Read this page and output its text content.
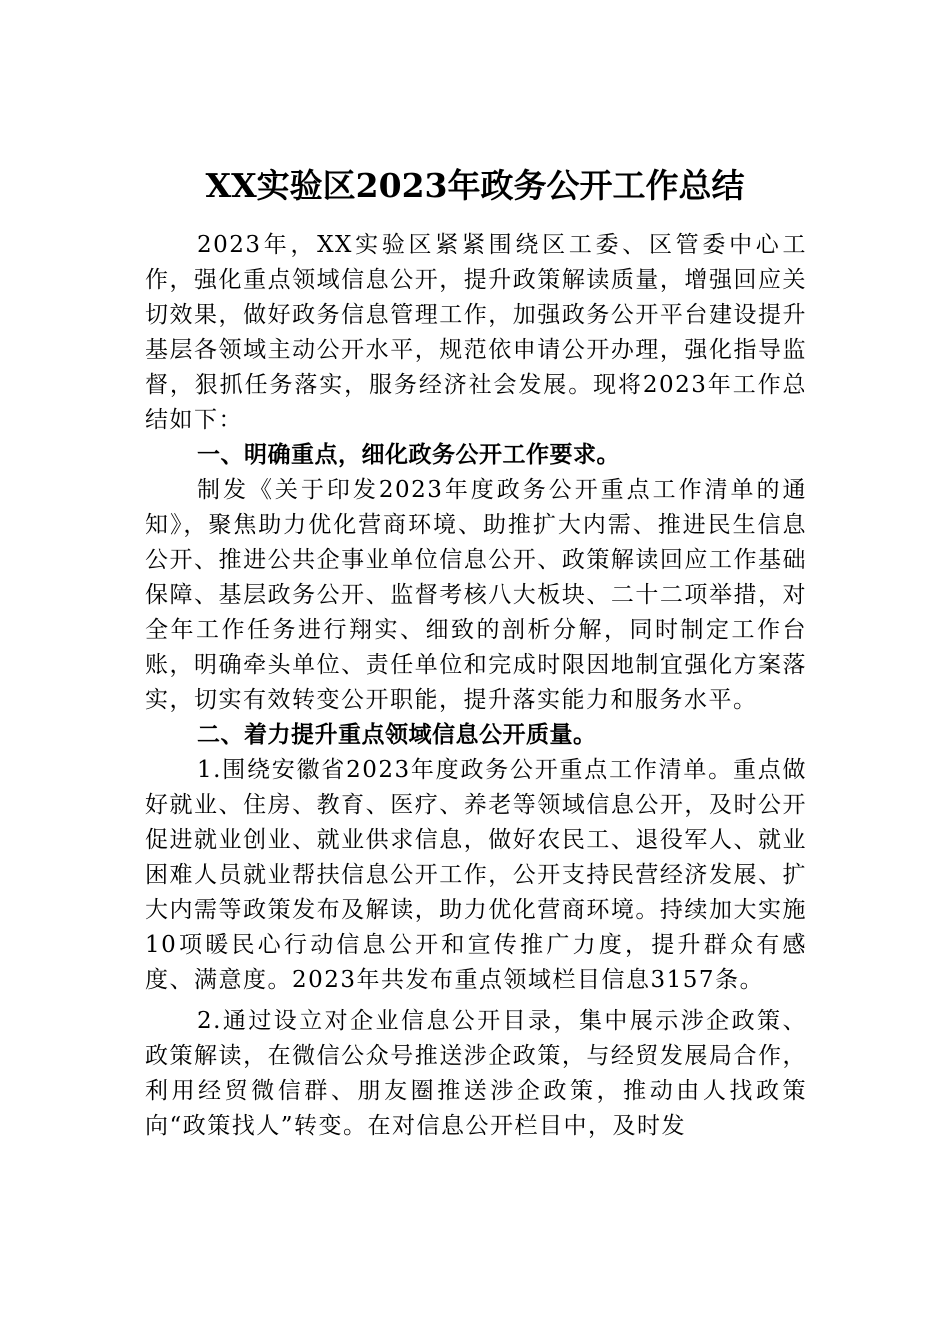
XX实验区2023年政务公开工作总结

2023年，XX实验区紧紧围绕区工委、区管委中心工作，强化重点领域信息公开，提升政策解读质量，增强回应关切效果，做好政务信息管理工作，加强政务公开平台建设提升基层各领域主动公开水平，规范依申请公开办理，强化指导监督，狠抓任务落实，服务经济社会发展。现将2023年工作总结如下：

一、明确重点，细化政务公开工作要求。

制发《关于印发2023年度政务公开重点工作清单的通知》，聚焦助力优化营商环境、助推扩大内需、推进民生信息公开、推进公共企事业单位信息公开、政策解读回应工作基础保障、基层政务公开、监督考核八大板块、二十二项举措，对全年工作任务进行翔实、细致的剖析分解，同时制定工作台账，明确牵头单位、责任单位和完成时限因地制宜强化方案落实，切实有效转变公开职能，提升落实能力和服务水平。

二、着力提升重点领域信息公开质量。

1.围绕安徽省2023年度政务公开重点工作清单。重点做好就业、住房、教育、医疗、养老等领域信息公开，及时公开促进就业创业、就业供求信息，做好农民工、退役军人、就业困难人员就业帮扶信息公开工作，公开支持民营经济发展、扩大内需等政策发布及解读，助力优化营商环境。持续加大实施10项暖民心行动信息公开和宣传推广力度，提升群众有感度、满意度。2023年共发布重点领域栏目信息3157条。

2.通过设立对企业信息公开目录，集中展示涉企政策、政策解读，在微信公众号推送涉企政策，与经贸发展局合作，利用经贸微信群、朋友圈推送涉企政策，推动由人找政策向“政策找人”转变。在对信息公开栏目中，及时发
